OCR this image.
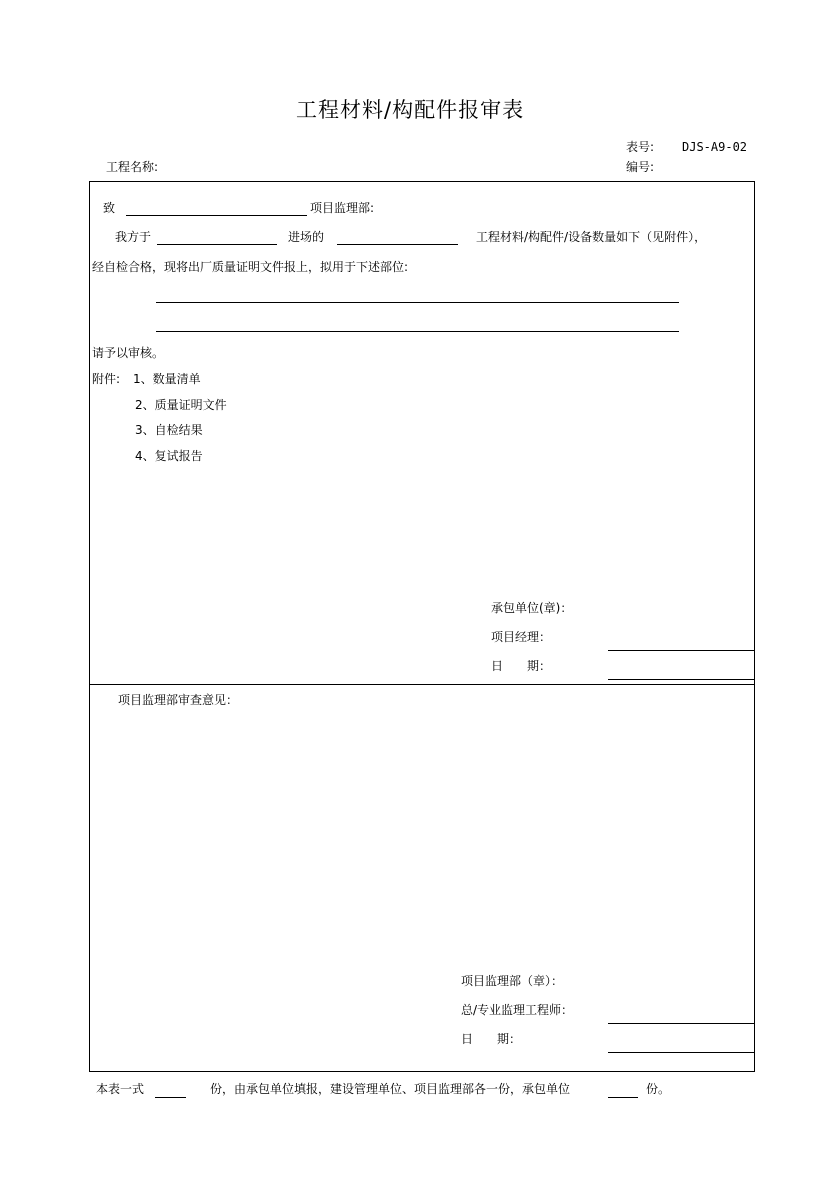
工程材料/构配件报审表
表号: DJS-A9-02
编号:
工程名称:
致	项目监理部:
我方于	进场的	工程材料/构配件/设备数量如下（见附件），
经自检合格，现将出厂质量证明文件报上，拟用于下述部位:
请予以审核。
附件: 1、数量清单
2、质量证明文件
3、自检结果
4、复试报告
承包单位(章)：
项目经理：
日　　期：
项目监理部审查意见：
项目监理部（章）：
总/专业监理工程师：
日　　期：
本表一式	份，由承包单位填报，建设管理单位、项目监理部各一份，承包单位	份。
